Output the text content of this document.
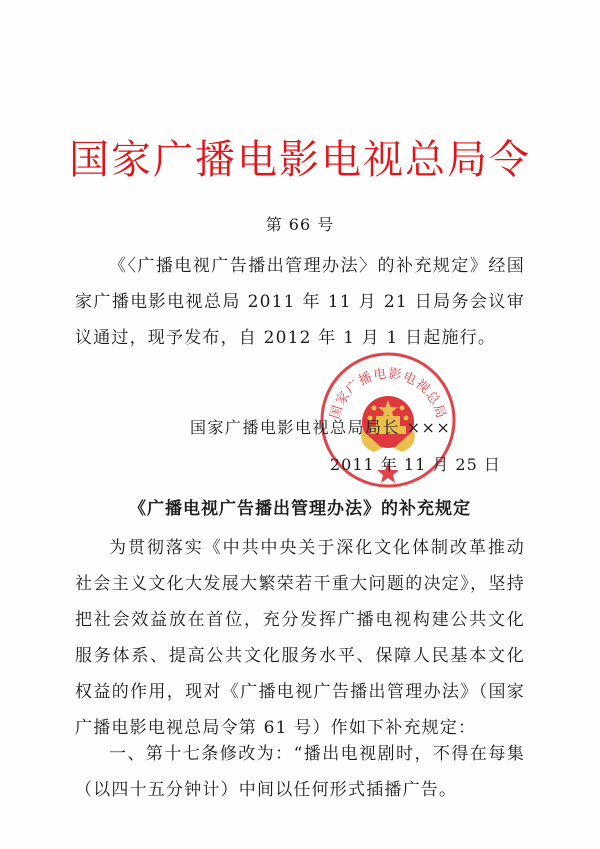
国家广播电影电视总局令
第 66 号

《〈广播电视广告播出管理办法〉的补充规定》经国家广播电影电视总局 2011 年 11 月 21 日局务会议审议通过，现予发布，自 2012 年 1 月 1 日起施行。

国家广播电影电视总局
国家广播电影电视总局局长 ×××
2011 年 11 月 25 日
《广播电视广告播出管理办法》的补充规定

为贯彻落实《中共中央关于深化文化体制改革推动社会主义文化大发展大繁荣若干重大问题的决定》，坚持把社会效益放在首位，充分发挥广播电视构建公共文化服务体系、提高公共文化服务水平、保障人民基本文化权益的作用，现对《广播电视广告播出管理办法》（国家广播电影电视总局令第 61 号）作如下补充规定：

一、第十七条修改为：“播出电视剧时，不得在每集（以四十五分钟计）中间以任何形式插播广告。
